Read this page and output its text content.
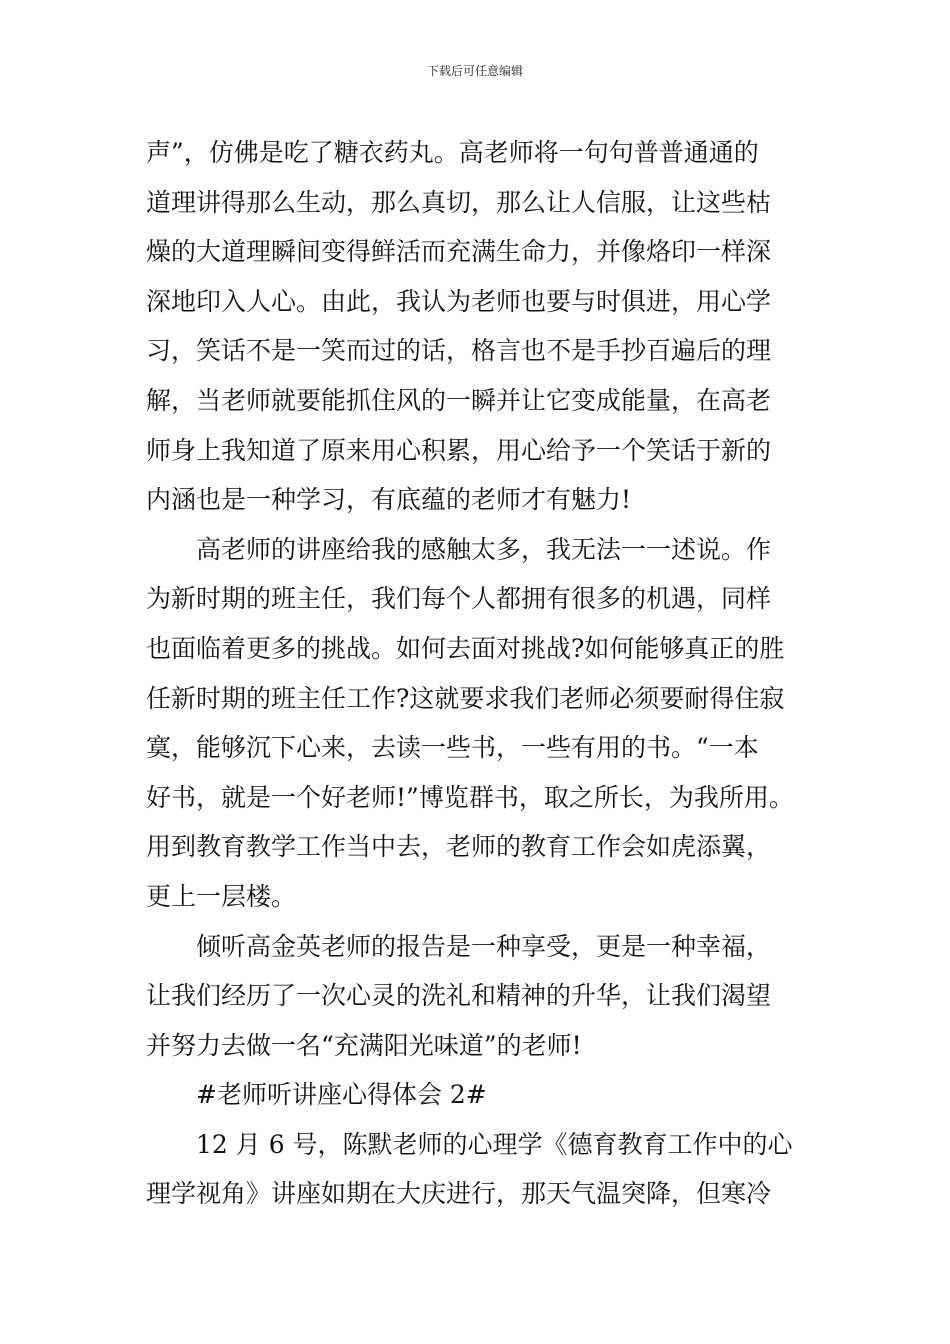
下载后可任意编辑
声”，仿佛是吃了糖衣药丸。高老师将一句句普普通通的
道理讲得那么生动，那么真切，那么让人信服，让这些枯
燥的大道理瞬间变得鲜活而充满生命力，并像烙印一样深
深地印入人心。由此，我认为老师也要与时俱进，用心学
习，笑话不是一笑而过的话，格言也不是手抄百遍后的理
解，当老师就要能抓住风的一瞬并让它变成能量，在高老
师身上我知道了原来用心积累，用心给予一个笑话于新的
内涵也是一种学习，有底蕴的老师才有魅力!
高老师的讲座给我的感触太多，我无法一一述说。作
为新时期的班主任，我们每个人都拥有很多的机遇，同样
也面临着更多的挑战。如何去面对挑战?如何能够真正的胜
任新时期的班主任工作?这就要求我们老师必须要耐得住寂
寞，能够沉下心来，去读一些书，一些有用的书。“一本
好书，就是一个好老师!”博览群书，取之所长，为我所用。
用到教育教学工作当中去，老师的教育工作会如虎添翼，
更上一层楼。
倾听高金英老师的报告是一种享受，更是一种幸福，
让我们经历了一次心灵的洗礼和精神的升华，让我们渴望
并努力去做一名“充满阳光味道”的老师!
#老师听讲座心得体会 2#
12 月 6 号，陈默老师的心理学《德育教育工作中的心
理学视角》讲座如期在大庆进行，那天气温突降，但寒冷
